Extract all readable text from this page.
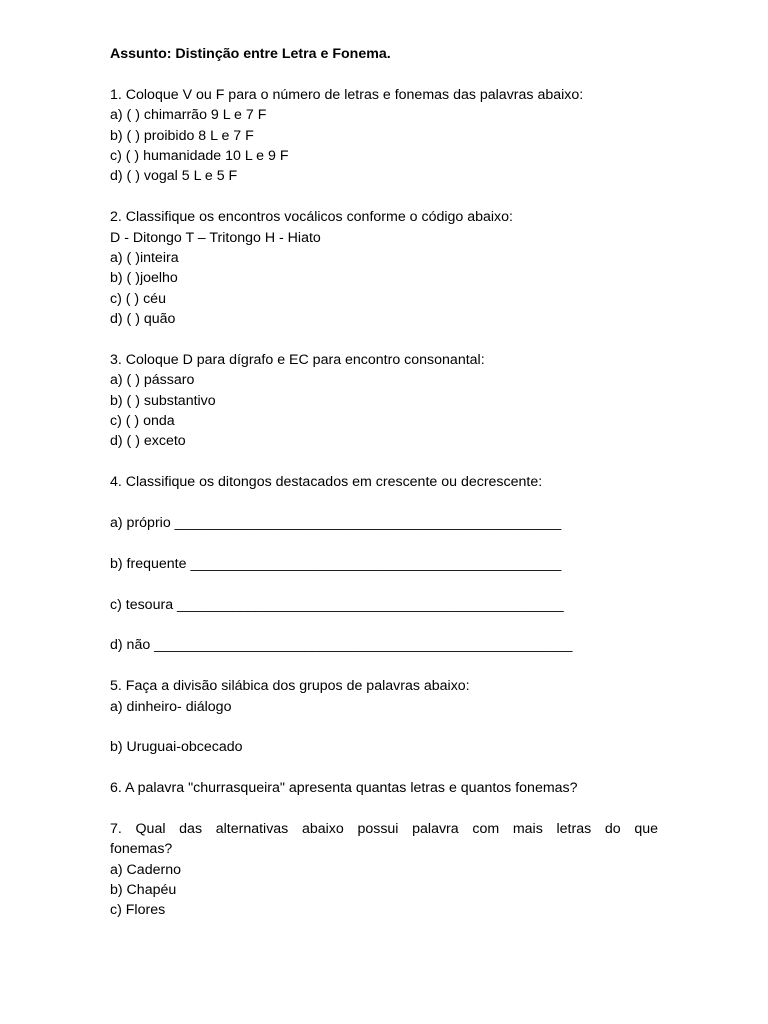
Assunto: Distinção entre Letra e Fonema.
1. Coloque V ou F para o número de letras e fonemas das palavras abaixo:
a) ( ) chimarrão 9 L e 7 F
b) ( ) proibido 8 L e 7 F
c) ( ) humanidade 10 L e 9 F
d) ( ) vogal 5 L e 5 F
2. Classifique os encontros vocálicos conforme o código abaixo:
D - Ditongo T – Tritongo H - Hiato
a) ( )inteira
b) ( )joelho
c) ( ) céu
d) ( ) quão
3. Coloque D para dígrafo e EC para encontro consonantal:
a) ( ) pássaro
b) ( ) substantivo
c) ( ) onda
d) ( ) exceto
4. Classifique os ditongos destacados em crescente ou decrescente:
a) próprio _________________________________________________
b) frequente _______________________________________________
c) tesoura _________________________________________________
d) não _____________________________________________________
5. Faça a divisão silábica dos grupos de palavras abaixo:
a) dinheiro- diálogo
b) Uruguai-obcecado
6. A palavra "churrasqueira" apresenta quantas letras e quantos fonemas?
7. Qual das alternativas abaixo possui palavra com mais letras do que
fonemas?
a) Caderno
b) Chapéu
c) Flores
